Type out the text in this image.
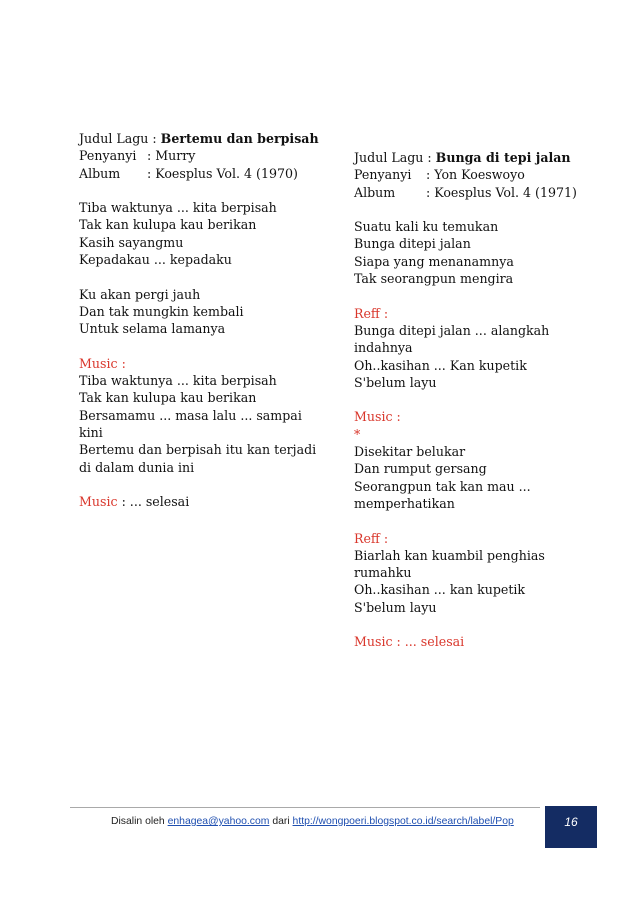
Judul Lagu : Bertemu dan berpisah
Penyanyi : Murry
Album : Koesplus Vol. 4 (1970)
Tiba waktunya ... kita berpisah
Tak kan kulupa kau berikan
Kasih sayangmu
Kepadakau ... kepadaku
Ku akan pergi jauh
Dan tak mungkin kembali
Untuk selama lamanya
Music :
Tiba waktunya ... kita berpisah
Tak kan kulupa kau berikan
Bersamamu ... masa lalu ... sampai
kini
Bertemu dan berpisah itu kan terjadi
di dalam dunia ini
Music : ... selesai
Judul Lagu : Bunga di tepi jalan
Penyanyi : Yon Koeswoyo
Album : Koesplus Vol. 4 (1971)
Suatu kali ku temukan
Bunga ditepi jalan
Siapa yang menanamnya
Tak seorangpun mengira
Reff :
Bunga ditepi jalan ... alangkah
indahnya
Oh..kasihan ... Kan kupetik
S'belum layu
Music :
*
Disekitar belukar
Dan rumput gersang
Seorangpun tak kan mau ...
memperhatikan
Reff :
Biarlah kan kuambil penghias
rumahku
Oh..kasihan ... kan kupetik
S'belum layu
Music : ... selesai
Disalin oleh enhagea@yahoo.com dari http://wongpoeri.blogspot.co.id/search/label/Pop	16
